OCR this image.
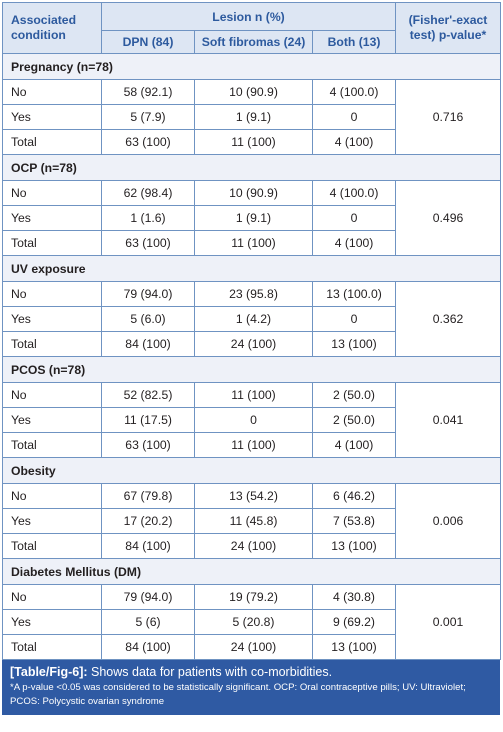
Associated condition	Lesion n (%)			(Fisher'-exact test) p-value*
	DPN (84)	Soft fibromas (24)	Both (13)	
Pregnancy (n=78)				
No	58 (92.1)	10 (90.9)	4 (100.0)	0.716
Yes	5 (7.9)	1 (9.1)	0	
Total	63 (100)	11 (100)	4 (100)	
OCP (n=78)				
No	62 (98.4)	10 (90.9)	4 (100.0)	0.496
Yes	1 (1.6)	1 (9.1)	0	
Total	63 (100)	11 (100)	4 (100)	
UV exposure				
No	79 (94.0)	23 (95.8)	13 (100.0)	0.362
Yes	5 (6.0)	1 (4.2)	0	
Total	84 (100)	24 (100)	13 (100)	
PCOS (n=78)				
No	52 (82.5)	11 (100)	2 (50.0)	0.041
Yes	11 (17.5)	0	2 (50.0)	
Total	63 (100)	11 (100)	4 (100)	
Obesity				
No	67 (79.8)	13 (54.2)	6 (46.2)	0.006
Yes	17 (20.2)	11 (45.8)	7 (53.8)	
Total	84 (100)	24 (100)	13 (100)	
Diabetes Mellitus (DM)				
No	79 (94.0)	19 (79.2)	4 (30.8)	0.001
Yes	5 (6)	5 (20.8)	9 (69.2)	
Total	84 (100)	24 (100)	13 (100)	
[Table/Fig-6]: Shows data for patients with co-morbidities.
*A p-value <0.05 was considered to be statistically significant. OCP: Oral contraceptive pills; UV: Ultraviolet; PCOS: Polycystic ovarian syndrome
